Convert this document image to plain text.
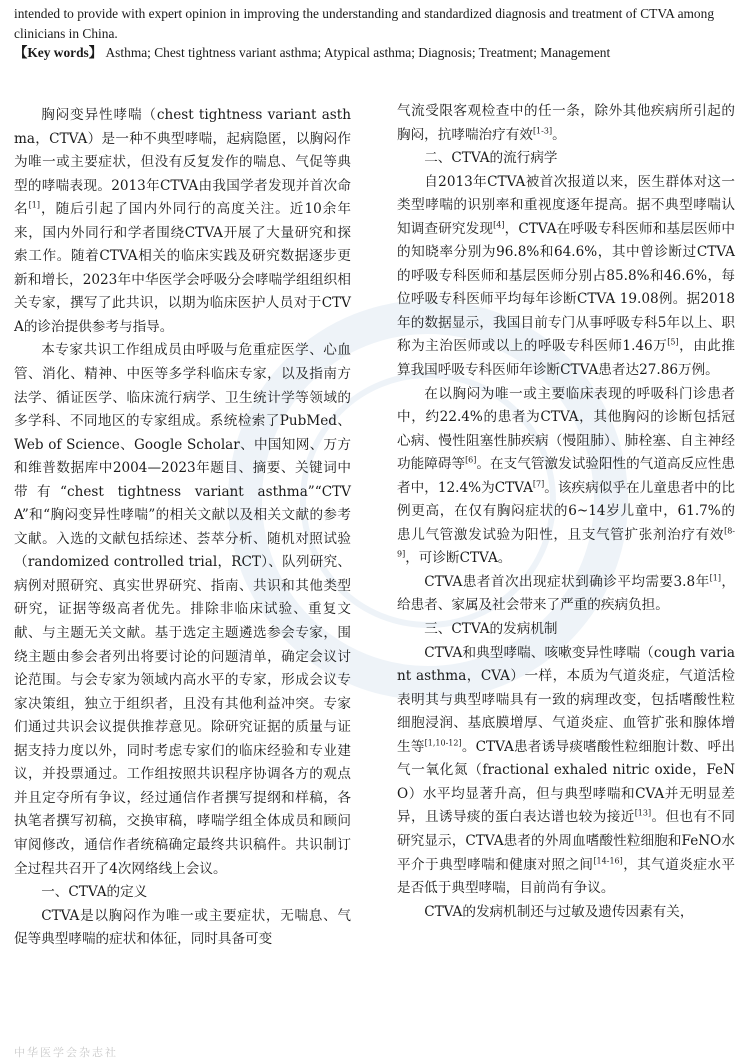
intended to provide with expert opinion in improving the understanding and standardized diagnosis and treatment of CTVA among clinicians in China.

【Key words】 Asthma; Chest tightness variant asthma; Atypical asthma; Diagnosis; Treatment; Management

胸闷变异性哮喘（chest tightness variant asthma，CTVA）是一种不典型哮喘，起病隐匿，以胸闷作为唯一或主要症状，但没有反复发作的喘息、气促等典型的哮喘表现。2013年CTVA由我国学者发现并首次命名[1]，随后引起了国内外同行的高度关注。近10余年来，国内外同行和学者围绕CTVA开展了大量研究和探索工作。随着CTVA相关的临床实践及研究数据逐步更新和增长，2023年中华医学会呼吸分会哮喘学组组织相关专家，撰写了此共识，以期为临床医护人员对于CTVA的诊治提供参考与指导。

本专家共识工作组成员由呼吸与危重症医学、心血管、消化、精神、中医等多学科临床专家，以及指南方法学、循证医学、临床流行病学、卫生统计学等领域的多学科、不同地区的专家组成。系统检索了PubMed、Web of Science、Google Scholar、中国知网、万方和维普数据库中2004—2023年题目、摘要、关键词中带有“chest tightness variant asthma”“CTVA”和“胸闷变异性哮喘”的相关文献以及相关文献的参考文献。入选的文献包括综述、荟萃分析、随机对照试验（randomized controlled trial，RCT）、队列研究、病例对照研究、真实世界研究、指南、共识和其他类型研究，证据等级高者优先。排除非临床试验、重复文献、与主题无关文献。基于选定主题遴选参会专家，围绕主题由参会者列出将要讨论的问题清单，确定会议讨论范围。与会专家为领域内高水平的专家，形成会议专家决策组，独立于组织者，且没有其他利益冲突。专家们通过共识会议提供推荐意见。除研究证据的质量与证据支持力度以外，同时考虑专家们的临床经验和专业建议，并投票通过。工作组按照共识程序协调各方的观点并且定夺所有争议，经过通信作者撰写提纲和样稿，各执笔者撰写初稿，交换审稿，哮喘学组全体成员和顾问审阅修改，通信作者统稿确定最终共识稿件。共识制订全过程共召开了4次网络线上会议。

一、CTVA的定义

CTVA是以胸闷作为唯一或主要症状，无喘息、气促等典型哮喘的症状和体征，同时具备可变

气流受限客观检查中的任一条，除外其他疾病所引起的胸闷，抗哮喘治疗有效[1-3]。

二、CTVA的流行病学

自2013年CTVA被首次报道以来，医生群体对这一类型哮喘的识别率和重视度逐年提高。据不典型哮喘认知调查研究发现[4]，CTVA在呼吸专科医师和基层医师中的知晓率分别为96.8%和64.6%，其中曾诊断过CTVA的呼吸专科医师和基层医师分别占85.8%和46.6%，每位呼吸专科医师平均每年诊断CTVA 19.08例。据2018年的数据显示，我国目前专门从事呼吸专科5年以上、职称为主治医师或以上的呼吸专科医师1.46万[5]，由此推算我国呼吸专科医师年诊断CTVA患者达27.86万例。

在以胸闷为唯一或主要临床表现的呼吸科门诊患者中，约22.4%的患者为CTVA，其他胸闷的诊断包括冠心病、慢性阻塞性肺疾病（慢阻肺）、肺栓塞、自主神经功能障碍等[6]。在支气管激发试验阳性的气道高反应性患者中，12.4%为CTVA[7]。该疾病似乎在儿童患者中的比例更高，在仅有胸闷症状的6~14岁儿童中，61.7%的患儿气管激发试验为阳性，且支气管扩张剂治疗有效[8-9]，可诊断CTVA。

CTVA患者首次出现症状到确诊平均需要3.8年[1]，给患者、家属及社会带来了严重的疾病负担。

三、CTVA的发病机制

CTVA和典型哮喘、咳嗽变异性哮喘（cough variant asthma，CVA）一样，本质为气道炎症，气道活检表明其与典型哮喘具有一致的病理改变，包括嗜酸性粒细胞浸润、基底膜增厚、气道炎症、血管扩张和腺体增生等[1,10-12]。CTVA患者诱导痰嗜酸性粒细胞计数、呼出气一氧化氮（fractional exhaled nitric oxide，FeNO）水平均显著升高，但与典型哮喘和CVA并无明显差异，且诱导痰的蛋白表达谱也较为接近[13]。但也有不同研究显示，CTVA患者的外周血嗜酸性粒细胞和FeNO水平介于典型哮喘和健康对照之间[14-16]，其气道炎症水平是否低于典型哮喘，目前尚有争议。

CTVA的发病机制还与过敏及遗传因素有关，

中华医学会杂志社
